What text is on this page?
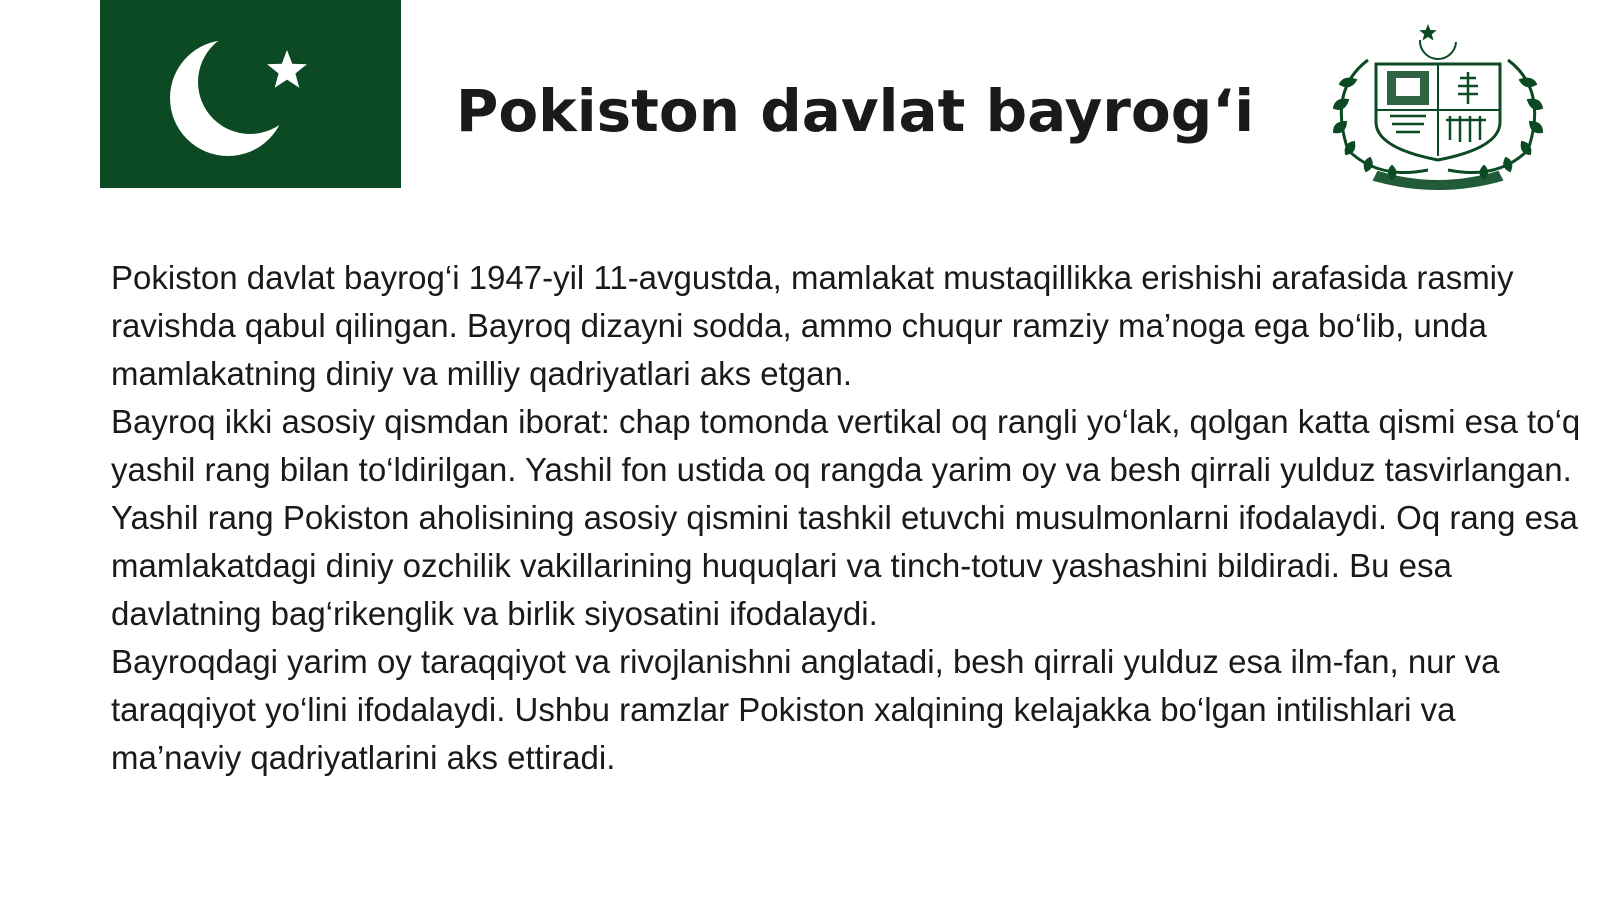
Pokiston davlat bayrog‘i

Pokiston davlat bayrog‘i 1947-yil 11-avgustda, mamlakat mustaqillikka erishishi arafasida rasmiy ravishda qabul qilingan. Bayroq dizayni sodda, ammo chuqur ramziy ma’noga ega bo‘lib, unda mamlakatning diniy va milliy qadriyatlari aks etgan.

Bayroq ikki asosiy qismdan iborat: chap tomonda vertikal oq rangli yo‘lak, qolgan katta qismi esa to‘q yashil rang bilan to‘ldirilgan. Yashil fon ustida oq rangda yarim oy va besh qirrali yulduz tasvirlangan.

Yashil rang Pokiston aholisining asosiy qismini tashkil etuvchi musulmonlarni ifodalaydi. Oq rang esa mamlakatdagi diniy ozchilik vakillarining huquqlari va tinch-totuv yashashini bildiradi. Bu esa davlatning bag‘rikenglik va birlik siyosatini ifodalaydi.

Bayroqdagi yarim oy taraqqiyot va rivojlanishni anglatadi, besh qirrali yulduz esa ilm-fan, nur va taraqqiyot yo‘lini ifodalaydi. Ushbu ramzlar Pokiston xalqining kelajakka bo‘lgan intilishlari va ma’naviy qadriyatlarini aks ettiradi.
